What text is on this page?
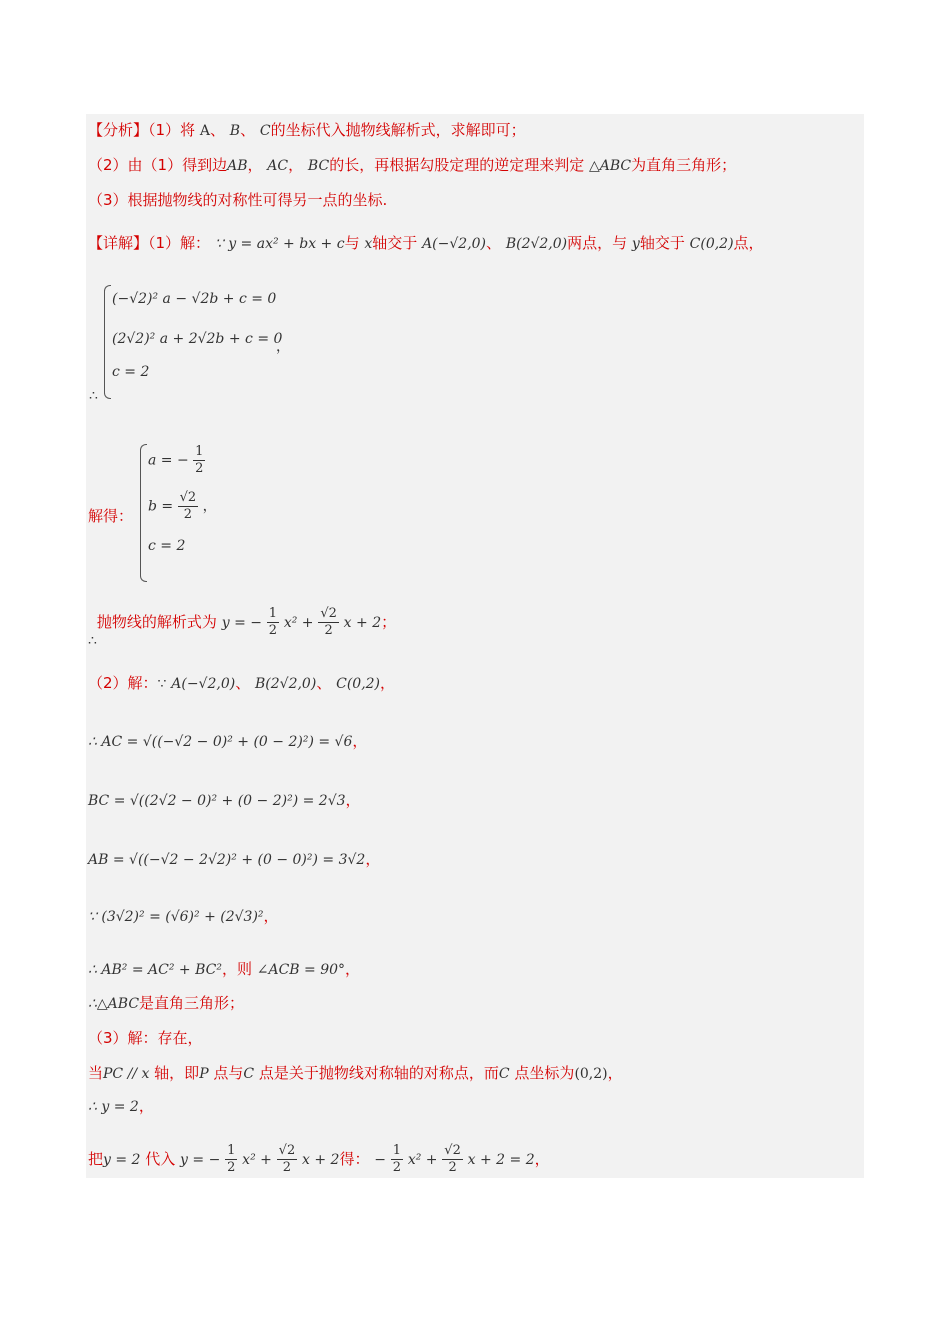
【分析】（1）将 A、 B、 C的坐标代入抛物线解析式，求解即可；
（2）由（1）得到边AB， AC， BC的长，再根据勾股定理的逆定理来判定 △ABC为直角三角形；
（3）根据抛物线的对称性可得另一点的坐标.
【详解】（1）解： ∵ y = ax² + bx + c与 x轴交于 A(−√2,0)、 B(2√2,0)两点，与 y轴交于 C(0,2)点，
(−√2)² a − √2b + c = 0
(2√2)² a + 2√2b + c = 0
c = 2
，
∴
解得：
a = − $\frac{1}{2}$
$b = \frac{√2}{2}$ ，
c = 2
∴抛物线的解析式为 y = − $\frac{1}{2} x^2 + \frac{√2}{2}$ x + 2；
（2）解：∵ A(−√2,0)、 B(2√2,0)、 C(0,2)，
∴ AC = √((−√2 − 0)² + (0 − 2)²) = √6，
BC = √((2√2 − 0)² + (0 − 2)²) = 2√3，
AB = √((−√2 − 2√2)² + (0 − 0)²) = 3√2，
∵ (3√2)² = (√6)² + (2√3)²，
∴ AB² = AC² + BC²，则 ∠ACB = 90°，
∴△ABC是直角三角形；
（3）解：存在，
当PC // x 轴，即P 点与C 点是关于抛物线对称轴的对称点，而C 点坐标为(0,2)，
∴ y = 2，
把y = 2 代入 y = − $\frac{1}{2} x^2 + \frac{√2}{2}$ x + 2得： − $\frac{1}{2} x^2 + \frac{√2}{2}$ x + 2 = 2，
